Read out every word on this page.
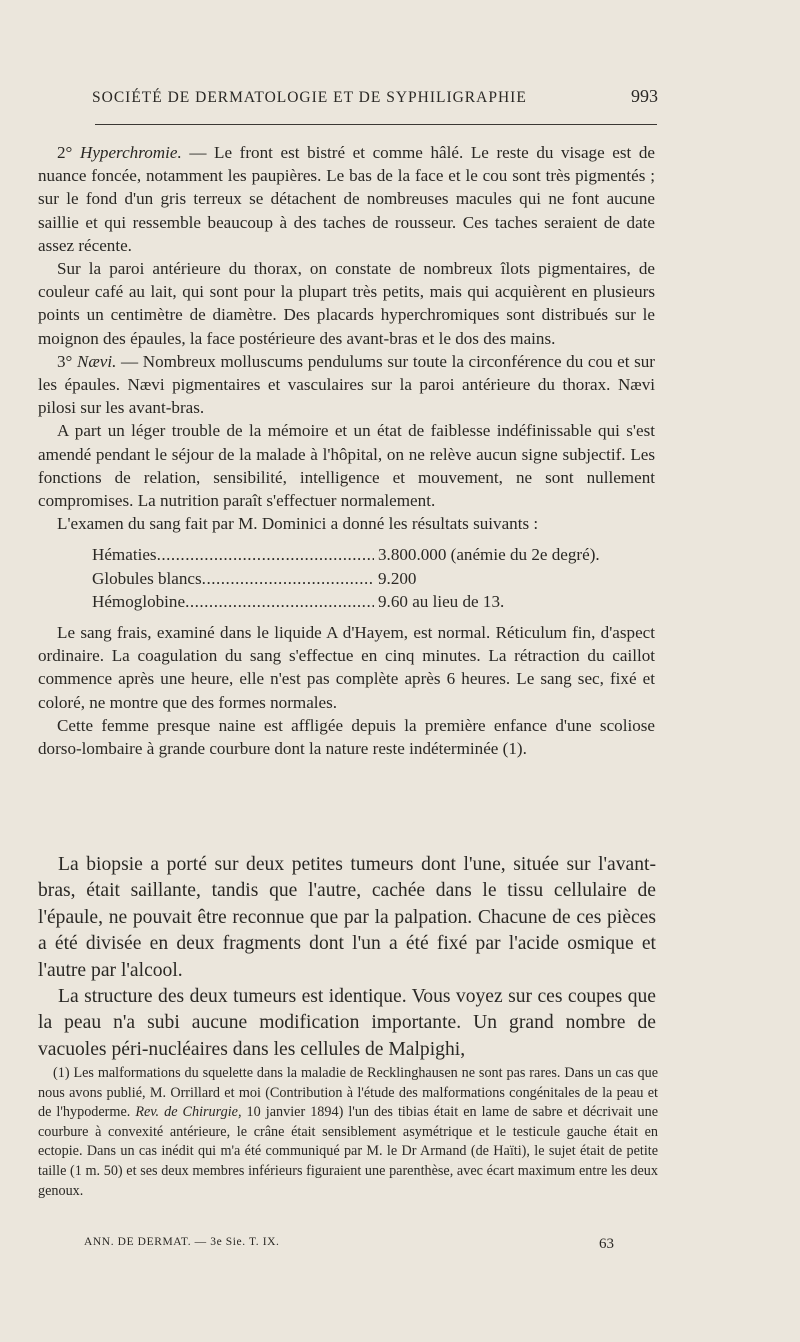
SOCIÉTÉ DE DERMATOLOGIE ET DE SYPHILIGRAPHIE	993

2° Hyperchromie. — Le front est bistré et comme hâlé. Le reste du visage est de nuance foncée, notamment les paupières. Le bas de la face et le cou sont très pigmentés ; sur le fond d'un gris terreux se détachent de nombreuses macules qui ne font aucune saillie et qui ressemble beaucoup à des taches de rousseur. Ces taches seraient de date assez récente.

Sur la paroi antérieure du thorax, on constate de nombreux îlots pigmentaires, de couleur café au lait, qui sont pour la plupart très petits, mais qui acquièrent en plusieurs points un centimètre de diamètre. Des placards hyperchromiques sont distribués sur le moignon des épaules, la face postérieure des avant-bras et le dos des mains.

3° Nævi. — Nombreux molluscums pendulums sur toute la circonférence du cou et sur les épaules. Nævi pigmentaires et vasculaires sur la paroi antérieure du thorax. Nævi pilosi sur les avant-bras.

A part un léger trouble de la mémoire et un état de faiblesse indéfinissable qui s'est amendé pendant le séjour de la malade à l'hôpital, on ne relève aucun signe subjectif. Les fonctions de relation, sensibilité, intelligence et mouvement, ne sont nullement compromises. La nutrition paraît s'effectuer normalement.

L'examen du sang fait par M. Dominici a donné les résultats suivants :

Hématies .....	3.800.000 (anémie du 2e degré).
Globules blancs .....	9.200
Hémoglobine .....	9.60 au lieu de 13.

Le sang frais, examiné dans le liquide A d'Hayem, est normal. Réticulum fin, d'aspect ordinaire. La coagulation du sang s'effectue en cinq minutes. La rétraction du caillot commence après une heure, elle n'est pas complète après 6 heures. Le sang sec, fixé et coloré, ne montre que des formes normales.

Cette femme presque naine est affligée depuis la première enfance d'une scoliose dorso-lombaire à grande courbure dont la nature reste indéterminée (1).

La biopsie a porté sur deux petites tumeurs dont l'une, située sur l'avant-bras, était saillante, tandis que l'autre, cachée dans le tissu cellulaire de l'épaule, ne pouvait être reconnue que par la palpation. Chacune de ces pièces a été divisée en deux fragments dont l'un a été fixé par l'acide osmique et l'autre par l'alcool.

La structure des deux tumeurs est identique. Vous voyez sur ces coupes que la peau n'a subi aucune modification importante. Un grand nombre de vacuoles péri-nucléaires dans les cellules de Malpighi,

(1) Les malformations du squelette dans la maladie de Recklinghausen ne sont pas rares. Dans un cas que nous avons publié, M. Orrillard et moi (Contribution à l'étude des malformations congénitales de la peau et de l'hypoderme. Rev. de Chirurgie, 10 janvier 1894) l'un des tibias était en lame de sabre et décrivait une courbure à convexité antérieure, le crâne était sensiblement asymétrique et le testicule gauche était en ectopie. Dans un cas inédit qui m'a été communiqué par M. le Dr Armand (de Haïti), le sujet était de petite taille (1 m. 50) et ses deux membres inférieurs figuraient une parenthèse, avec écart maximum entre les deux genoux.

ANN. DE DERMAT. — 3e Sie. T. IX.	63
